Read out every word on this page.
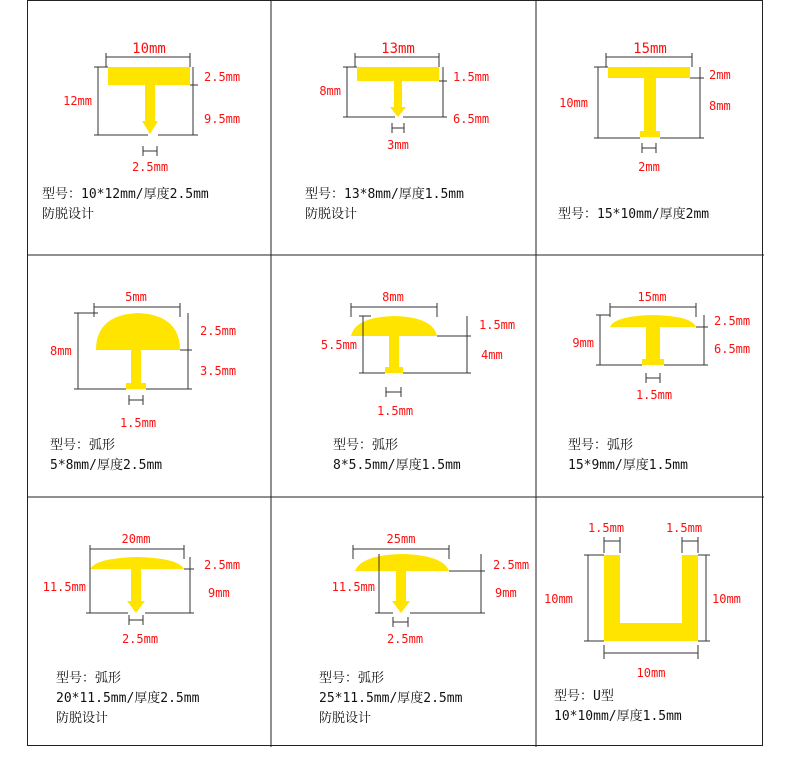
10mm
12mm
2.5mm
9.5mm
2.5mm
型号：10*12mm/厚度2.5mm
防脱设计
13mm
8mm
1.5mm
6.5mm
3mm
型号：13*8mm/厚度1.5mm
防脱设计
15mm
10mm
2mm
8mm
2mm
型号：15*10mm/厚度2mm
5mm
8mm
2.5mm
3.5mm
1.5mm
型号：弧形
5*8mm/厚度2.5mm
8mm
5.5mm
1.5mm
4mm
1.5mm
型号：弧形
8*5.5mm/厚度1.5mm
15mm
9mm
2.5mm
6.5mm
1.5mm
型号：弧形
15*9mm/厚度1.5mm
20mm
11.5mm
2.5mm
9mm
2.5mm
型号：弧形
20*11.5mm/厚度2.5mm
防脱设计
25mm
11.5mm
2.5mm
9mm
2.5mm
型号：弧形
25*11.5mm/厚度2.5mm
防脱设计
1.5mm	1.5mm
10mm	10mm
10mm
型号：U型
10*10mm/厚度1.5mm
